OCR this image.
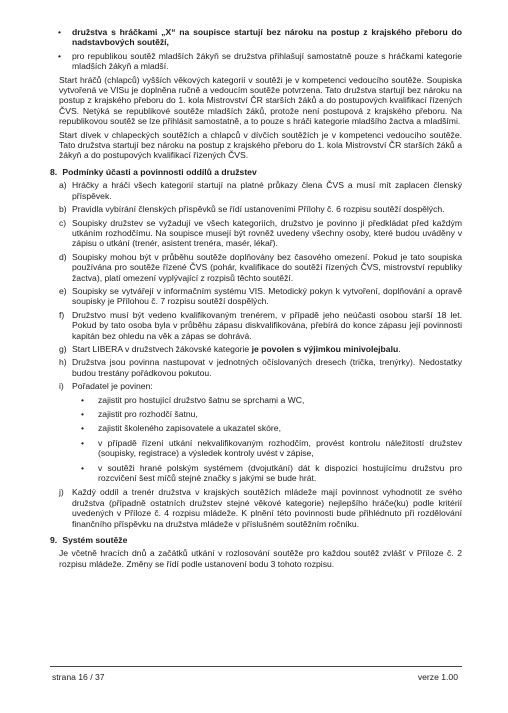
• družstva s hráčkami „X“ na soupisce startují bez nároku na postup z krajského přeboru do nadstavbových soutěží,
• pro republikou soutěž mladších žákyň se družstva přihlašují samostatně pouze s hráčkami kategorie mladších žákyň a mladší.

Start hráčů (chlapců) vyšších věkových kategorií v soutěži je v kompetenci vedoucího soutěže. Soupiska vytvořená ve VISu je doplněna ručně a vedoucím soutěže potvrzena. Tato družstva startují bez nároku na postup z krajského přeboru do 1. kola Mistrovství ČR starších žáků a do postupových kvalifikací řízených ČVS. Netýká se republikové soutěže mladších žáků, protože není postupová z krajského přeboru. Na republikovou soutěž se lze přihlásit samostatně, a to pouze s hráči kategorie mladšího žactva a mladšími.

Start dívek v chlapeckých soutěžích a chlapců v dívčích soutěžích je v kompetenci vedoucího soutěže. Tato družstva startují bez nároku na postup z krajského přeboru do 1. kola Mistrovství ČR starších žáků a žákyň a do postupových kvalifikací řízených ČVS.

8. Podmínky účasti a povinnosti oddílů a družstev
a) Hráčky a hráči všech kategorií startují na platné průkazy člena ČVS a musí mít zaplacen členský příspěvek.
b) Pravidla vybírání členských příspěvků se řídí ustanoveními Přílohy č. 6 rozpisu soutěží dospělých.
c) Soupisky družstev se vyžadují ve všech kategoriích, družstvo je povinno ji předkládat před každým utkáním rozhodčímu. Na soupisce musejí být rovněž uvedeny všechny osoby, které budou uváděny v zápisu o utkání (trenér, asistent trenéra, masér, lékař).
d) Soupisky mohou být v průběhu soutěže doplňovány bez časového omezení. Pokud je tato soupiska používána pro soutěže řízené ČVS (pohár, kvalifikace do soutěží řízených ČVS, mistrovství republiky žactva), platí omezení vyplývající z rozpisů těchto soutěží.
e) Soupisky se vytvářejí v informačním systému VIS. Metodický pokyn k vytvoření, doplňování a opravě soupisky je Přílohou č. 7 rozpisu soutěží dospělých.
f) Družstvo musí být vedeno kvalifikovaným trenérem, v případě jeho neúčasti osobou starší 18 let. Pokud by tato osoba byla v průběhu zápasu diskvalifikována, přebírá do konce zápasu její povinnosti kapitán bez ohledu na věk a zápas se dohrává.
g) Start LIBERA v družstvech žákovské kategorie je povolen s výjimkou minivolejbalu.
h) Družstva jsou povinna nastupovat v jednotných očíslovaných dresech (trička, trenýrky). Nedostatky budou trestány pořádkovou pokutou.
i) Pořadatel je povinen:
• zajistit pro hostující družstvo šatnu se sprchami a WC,
• zajistit pro rozhodčí šatnu,
• zajistit školeného zapisovatele a ukazatel skóre,
• v případě řízení utkání nekvalifikovaným rozhodčím, provést kontrolu náležitostí družstev (soupisky, registrace) a výsledek kontroly uvést v zápise,
• v soutěži hrané polským systémem (dvojutkání) dát k dispozici hostujícímu družstvu pro rozcvičení šest míčů stejné značky s jakými se bude hrát.
j) Každý oddíl a trenér družstva v krajských soutěžích mládeže mají povinnost vyhodnotit ze svého družstva (případně ostatních družstev stejné věkové kategorie) nejlepšího hráče(ku) podle kritérií uvedených v Příloze č. 4 rozpisu mládeže. K plnění této povinnosti bude přihlédnuto při rozdělování finančního příspěvku na družstva mládeže v příslušném soutěžním ročníku.
9. Systém soutěže

Je včetně hracích dnů a začátků utkání v rozlosování soutěže pro každou soutěž zvlášť v Příloze č. 2 rozpisu mládeže. Změny se řídí podle ustanovení bodu 3 tohoto rozpisu.

strana 16 / 37	verze 1.00
